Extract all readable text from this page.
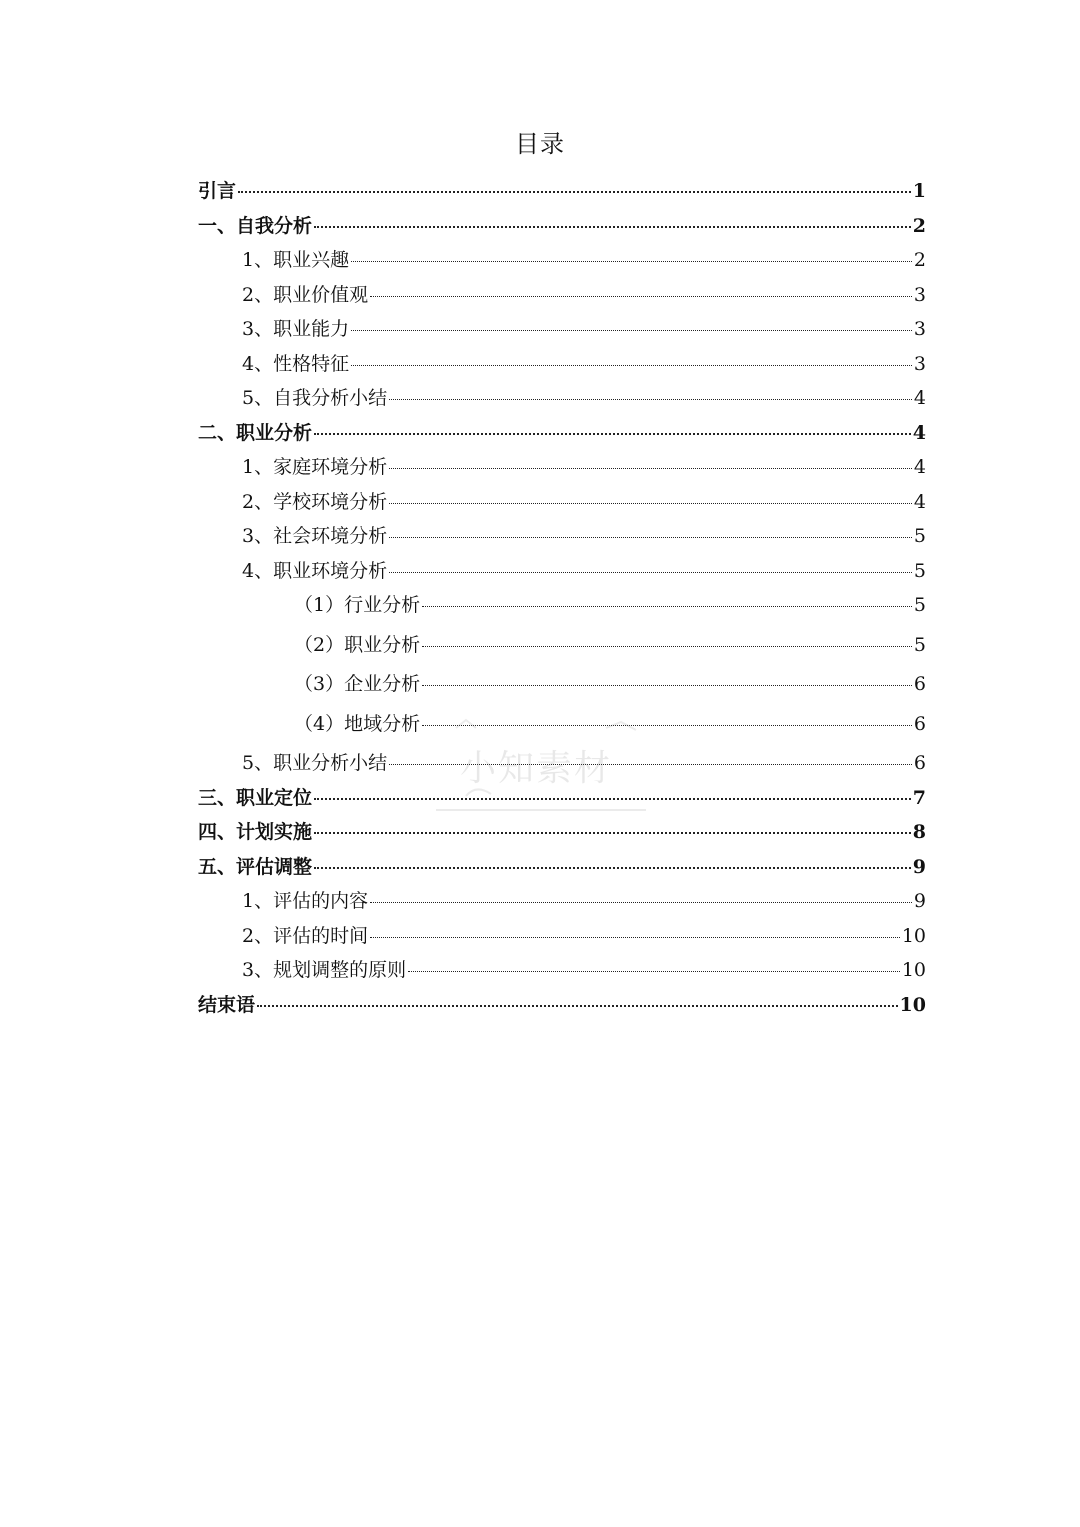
目录
引言	1
一、自我分析	2
1、职业兴趣	2
2、职业价值观	3
3、职业能力	3
4、性格特征	3
5、自我分析小结	4
二、职业分析	4
1、家庭环境分析	4
2、学校环境分析	4
3、社会环境分析	5
4、职业环境分析	5
（1）行业分析	5
（2）职业分析	5
（3）企业分析	6
（4）地域分析	6
5、职业分析小结	6
三、职业定位	7
四、计划实施	8
五、评估调整	9
1、评估的内容	9
2、评估的时间	10
3、规划调整的原则	10
结束语	10
小知素材
